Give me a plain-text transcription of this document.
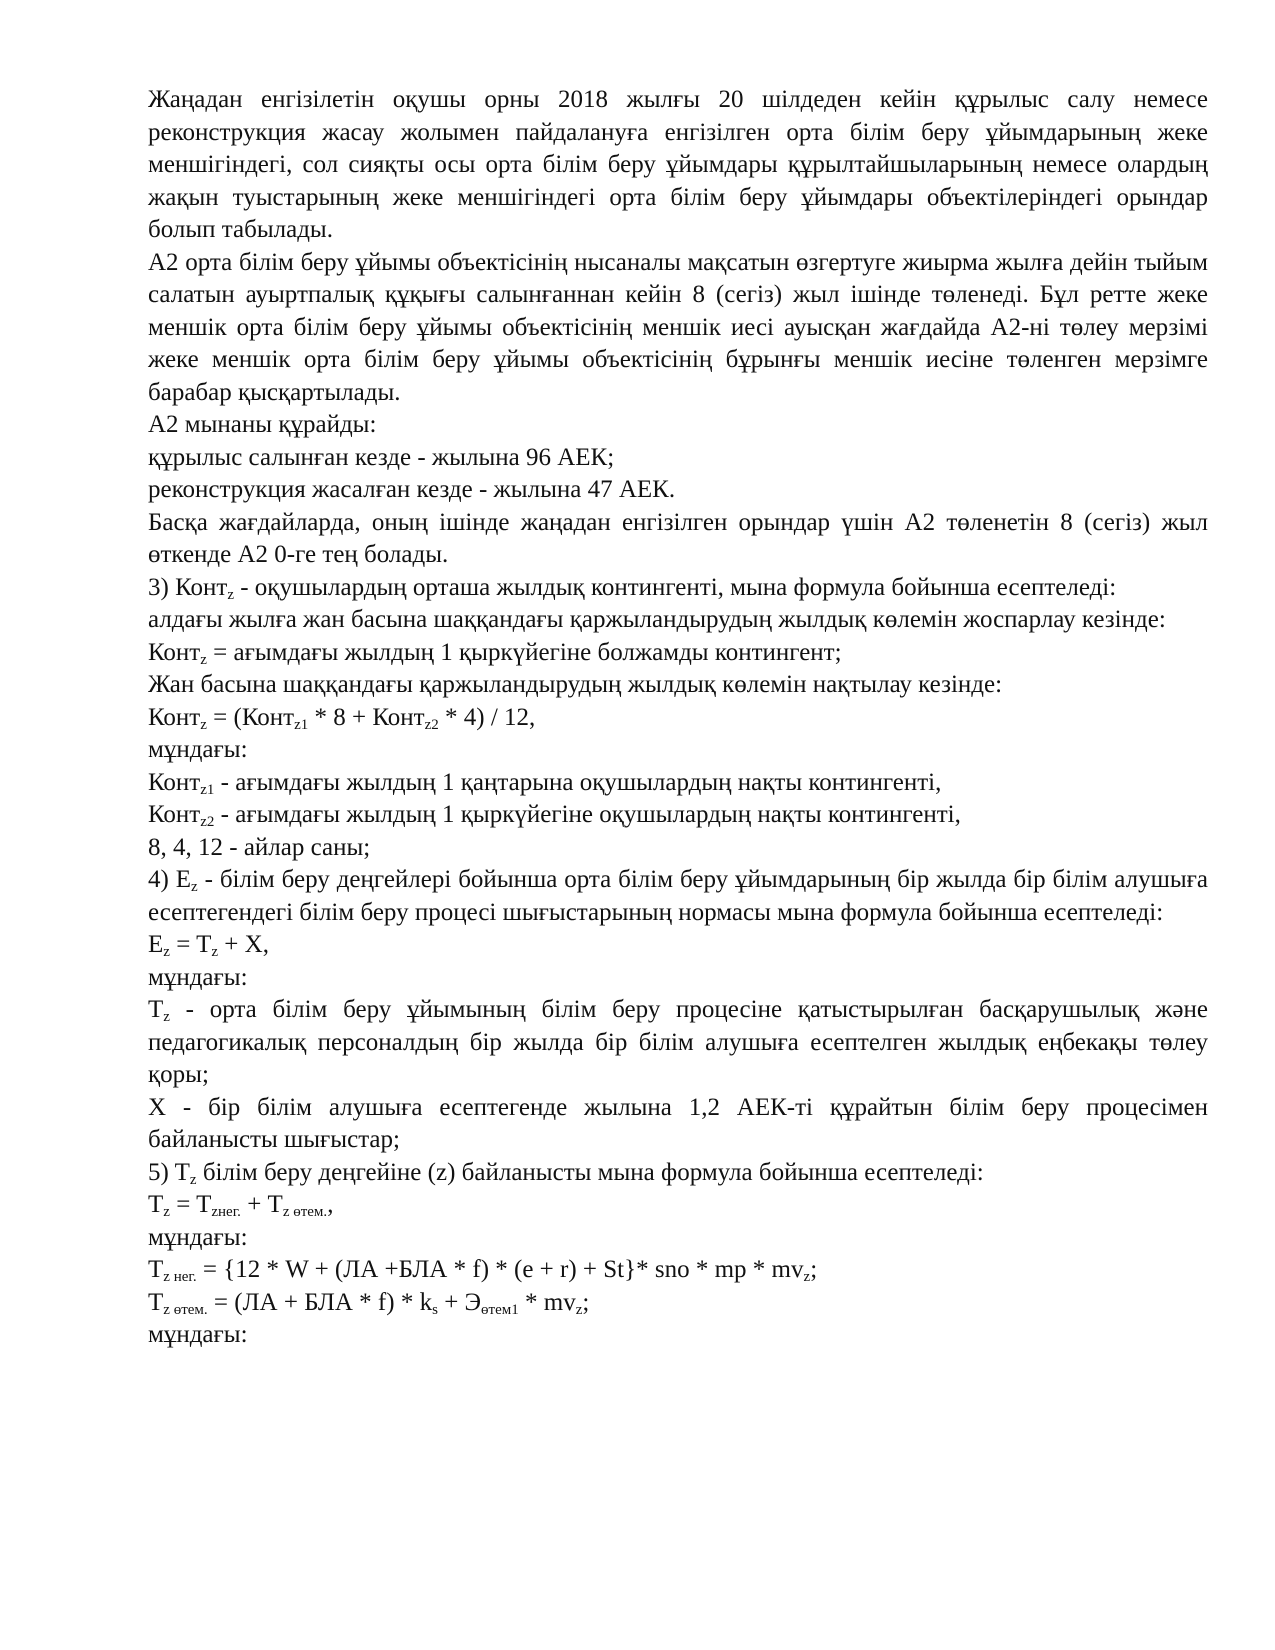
Жаңадан енгізілетін оқушы орны 2018 жылғы 20 шілдеден кейін құрылыс салу немесе реконструкция жасау жолымен пайдалануға енгізілген орта білім беру ұйымдарының жеке меншігіндегі, сол сияқты осы орта білім беру ұйымдары құрылтайшыларының немесе олардың жақын туыстарының жеке меншігіндегі орта білім беру ұйымдары объектілеріндегі орындар болып табылады.

А2 орта білім беру ұйымы объектісінің нысаналы мақсатын өзгертуге жиырма жылға дейін тыйым салатын ауыртпалық құқығы салынғаннан кейін 8 (сегіз) жыл ішінде төленеді. Бұл ретте жеке меншік орта білім беру ұйымы объектісінің меншік иесі ауысқан жағдайда А2-ні төлеу мерзімі жеке меншік орта білім беру ұйымы объектісінің бұрынғы меншік иесіне төленген мерзімге барабар қысқартылады.

А2 мынаны құрайды:

құрылыс салынған кезде - жылына 96 АЕК;

реконструкция жасалған кезде - жылына 47 АЕК.

Басқа жағдайларда, оның ішінде жаңадан енгізілген орындар үшін А2 төленетін 8 (сегіз) жыл өткенде А2 0-ге тең болады.

3) Конт$_z$ - оқушылардың орташа жылдық контингенті, мына формула бойынша есептеледі:

алдағы жылға жан басына шаққандағы қаржыландырудың жылдық көлемін жоспарлау кезінде:

Конт$_z$ = ағымдағы жылдың 1 қыркүйегіне болжамды контингент;

Жан басына шаққандағы қаржыландырудың жылдық көлемін нақтылау кезінде:

Конт$_z$ = (Конт$_{z1}$ * 8 + Конт$_{z2}$ * 4) / 12,

мұндағы:

Конт$_{z1}$ - ағымдағы жылдың 1 қаңтарына оқушылардың нақты контингенті,

Конт$_{z2}$ - ағымдағы жылдың 1 қыркүйегіне оқушылардың нақты контингенті,

8, 4, 12 - айлар саны;

4) $E_z$ - білім беру деңгейлері бойынша орта білім беру ұйымдарының бір жылда бір білім алушыға есептегендегі білім беру процесі шығыстарының нормасы мына формула бойынша есептеледі:

$E_z = T_z + X$,

мұндағы:

$T_z$ - орта білім беру ұйымының білім беру процесіне қатыстырылған басқарушылық және педагогикалық персоналдың бір жылда бір білім алушыға есептелген жылдық еңбекақы төлеу қоры;

X - бір білім алушыға есептегенде жылына 1,2 АЕК-ті құрайтын білім беру процесімен байланысты шығыстар;

5) $T_z$ білім беру деңгейіне (z) байланысты мына формула бойынша есептеледі:

$T_z = T_{zнег.} + T_{z өтем.}$,

мұндағы:

$T_{z нег.} = \{12 * W + (ЛА +БЛА * f) * (e + r) + St\}*$ sno * mp * $mv_z$;

$T_{z өтем.} = (ЛА$ + БЛА * $f) * k_s + Э_{өтем1} * mv_z$;

мұндағы:
